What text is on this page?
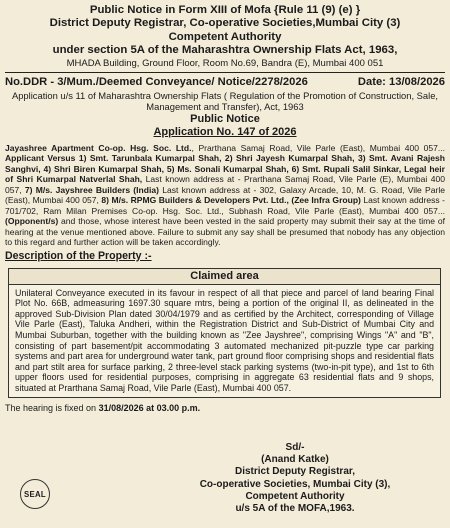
Public Notice in Form XIII of Mofa {Rule 11 (9) (e) }
District Deputy Registrar, Co-operative Societies,Mumbai City (3)
Competent Authority
under section 5A of the Maharashtra Ownership Flats Act, 1963,
MHADA Building, Ground Floor, Room No.69, Bandra (E), Mumbai 400 051
No.DDR - 3/Mum./Deemed Conveyance/ Notice/2278/2026	Date: 13/08/2026
Application u/s 11 of Maharashtra Ownership Flats ( Regulation of the Promotion of Construction, Sale, Management and Transfer), Act, 1963
Public Notice
Application No. 147 of 2026
Jayashree Apartment Co-op. Hsg. Soc. Ltd., Prarthana Samaj Road, Vile Parle (East), Mumbai 400 057... Applicant Versus 1) Smt. Tarunbala Kumarpal Shah, 2) Shri Jayesh Kumarpal Shah, 3) Smt. Avani Rajesh Sanghvi, 4) Shri Biren Kumarpal Shah, 5) Ms. Sonali Kumarpal Shah, 6) Smt. Rupali Salil Sinkar, Legal heir of Shri Kumarpal Natverlal Shah, Last known address at - Prarthana Samaj Road, Vile Parle (E), Mumbai 400 057, 7) M/s. Jayshree Builders (India) Last known address at - 302, Galaxy Arcade, 10, M. G. Road, Vile Parle (East), Mumbai 400 057, 8) M/s. RPMG Builders & Developers Pvt. Ltd., (Zee Infra Group) Last known address - 701/702, Ram Milan Premises Co-op. Hsg. Soc. Ltd., Subhash Road, Vile Parle (East), Mumbai 400 057... (Opponent/s) and those, whose interest have been vested in the said property may submit their say at the time of hearing at the venue mentioned above. Failure to submit any say shall be presumed that nobody has any objection to this regard and further action will be taken accordingly.
Description of the Property :-
Claimed area
Unilateral Conveyance executed in its favour in respect of all that piece and parcel of land bearing Final Plot No. 66B, admeasuring 1697.30 square mtrs, being a portion of the original II, as delineated in the approved Sub-Division Plan dated 30/04/1979 and as certified by the Architect, corresponding of Village Vile Parle (East), Taluka Andheri, within the Registration District and Sub-District of Mumbai City and Mumbai Suburban, together with the building known as "Zee Jayshree", comprising Wings "A" and "B", consisting of part basement/pit accommodating 3 automated mechanized pit-puzzle type car parking systems and part area for underground water tank, part ground floor comprising shops and residential flats and part stilt area for surface parking, 2 three-level stack parking systems (two-in-pit type), and 1st to 6th upper floors used for residential purposes, comprising in aggregate 63 residential flats and 9 shops, situated at Prarthana Samaj Road, Vile Parle (East), Mumbai 400 057.
The hearing is fixed on 31/08/2026 at 03.00 p.m.
SEAL
Sd/-
(Anand Katke)
District Deputy Registrar,
Co-operative Societies, Mumbai City (3),
Competent Authority
u/s 5A of the MOFA,1963.
